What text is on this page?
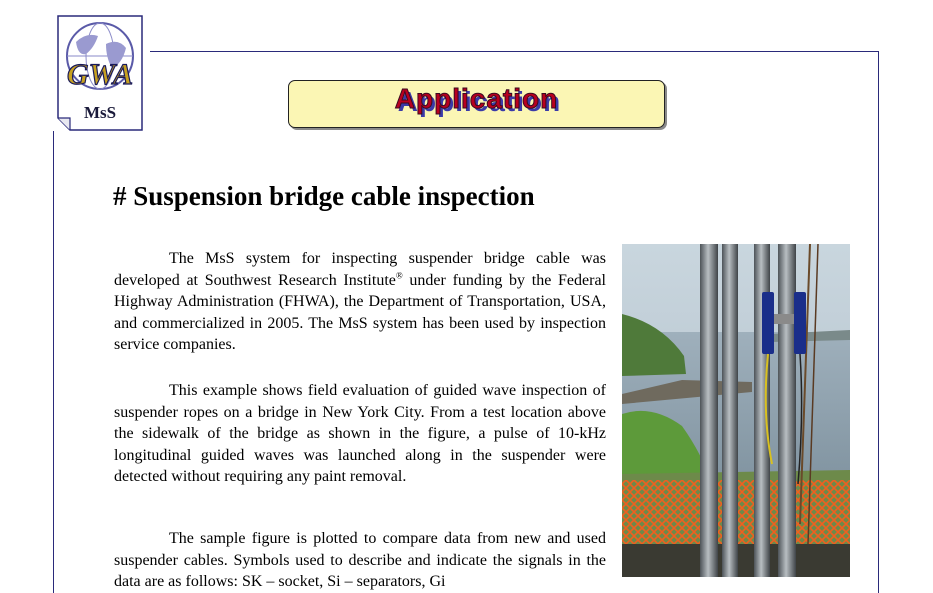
GWA
MsS	Application
# Suspension bridge cable inspection

The MsS system for inspecting suspender bridge cable was developed at Southwest Research Institute® under funding by the Federal Highway Administration (FHWA), the Department of Transportation, USA, and commercialized in 2005. The MsS system has been used by inspection service companies.

This example shows field evaluation of guided wave inspection of suspender ropes on a bridge in New York City. From a test location above the sidewalk of the bridge as shown in the figure, a pulse of 10-kHz longitudinal guided waves was launched along in the suspender were detected without requiring any paint removal.

The sample figure is plotted to compare data from new and used suspender cables. Symbols used to describe and indicate the signals in the data are as follows: SK – socket, Si – separators, Gi
